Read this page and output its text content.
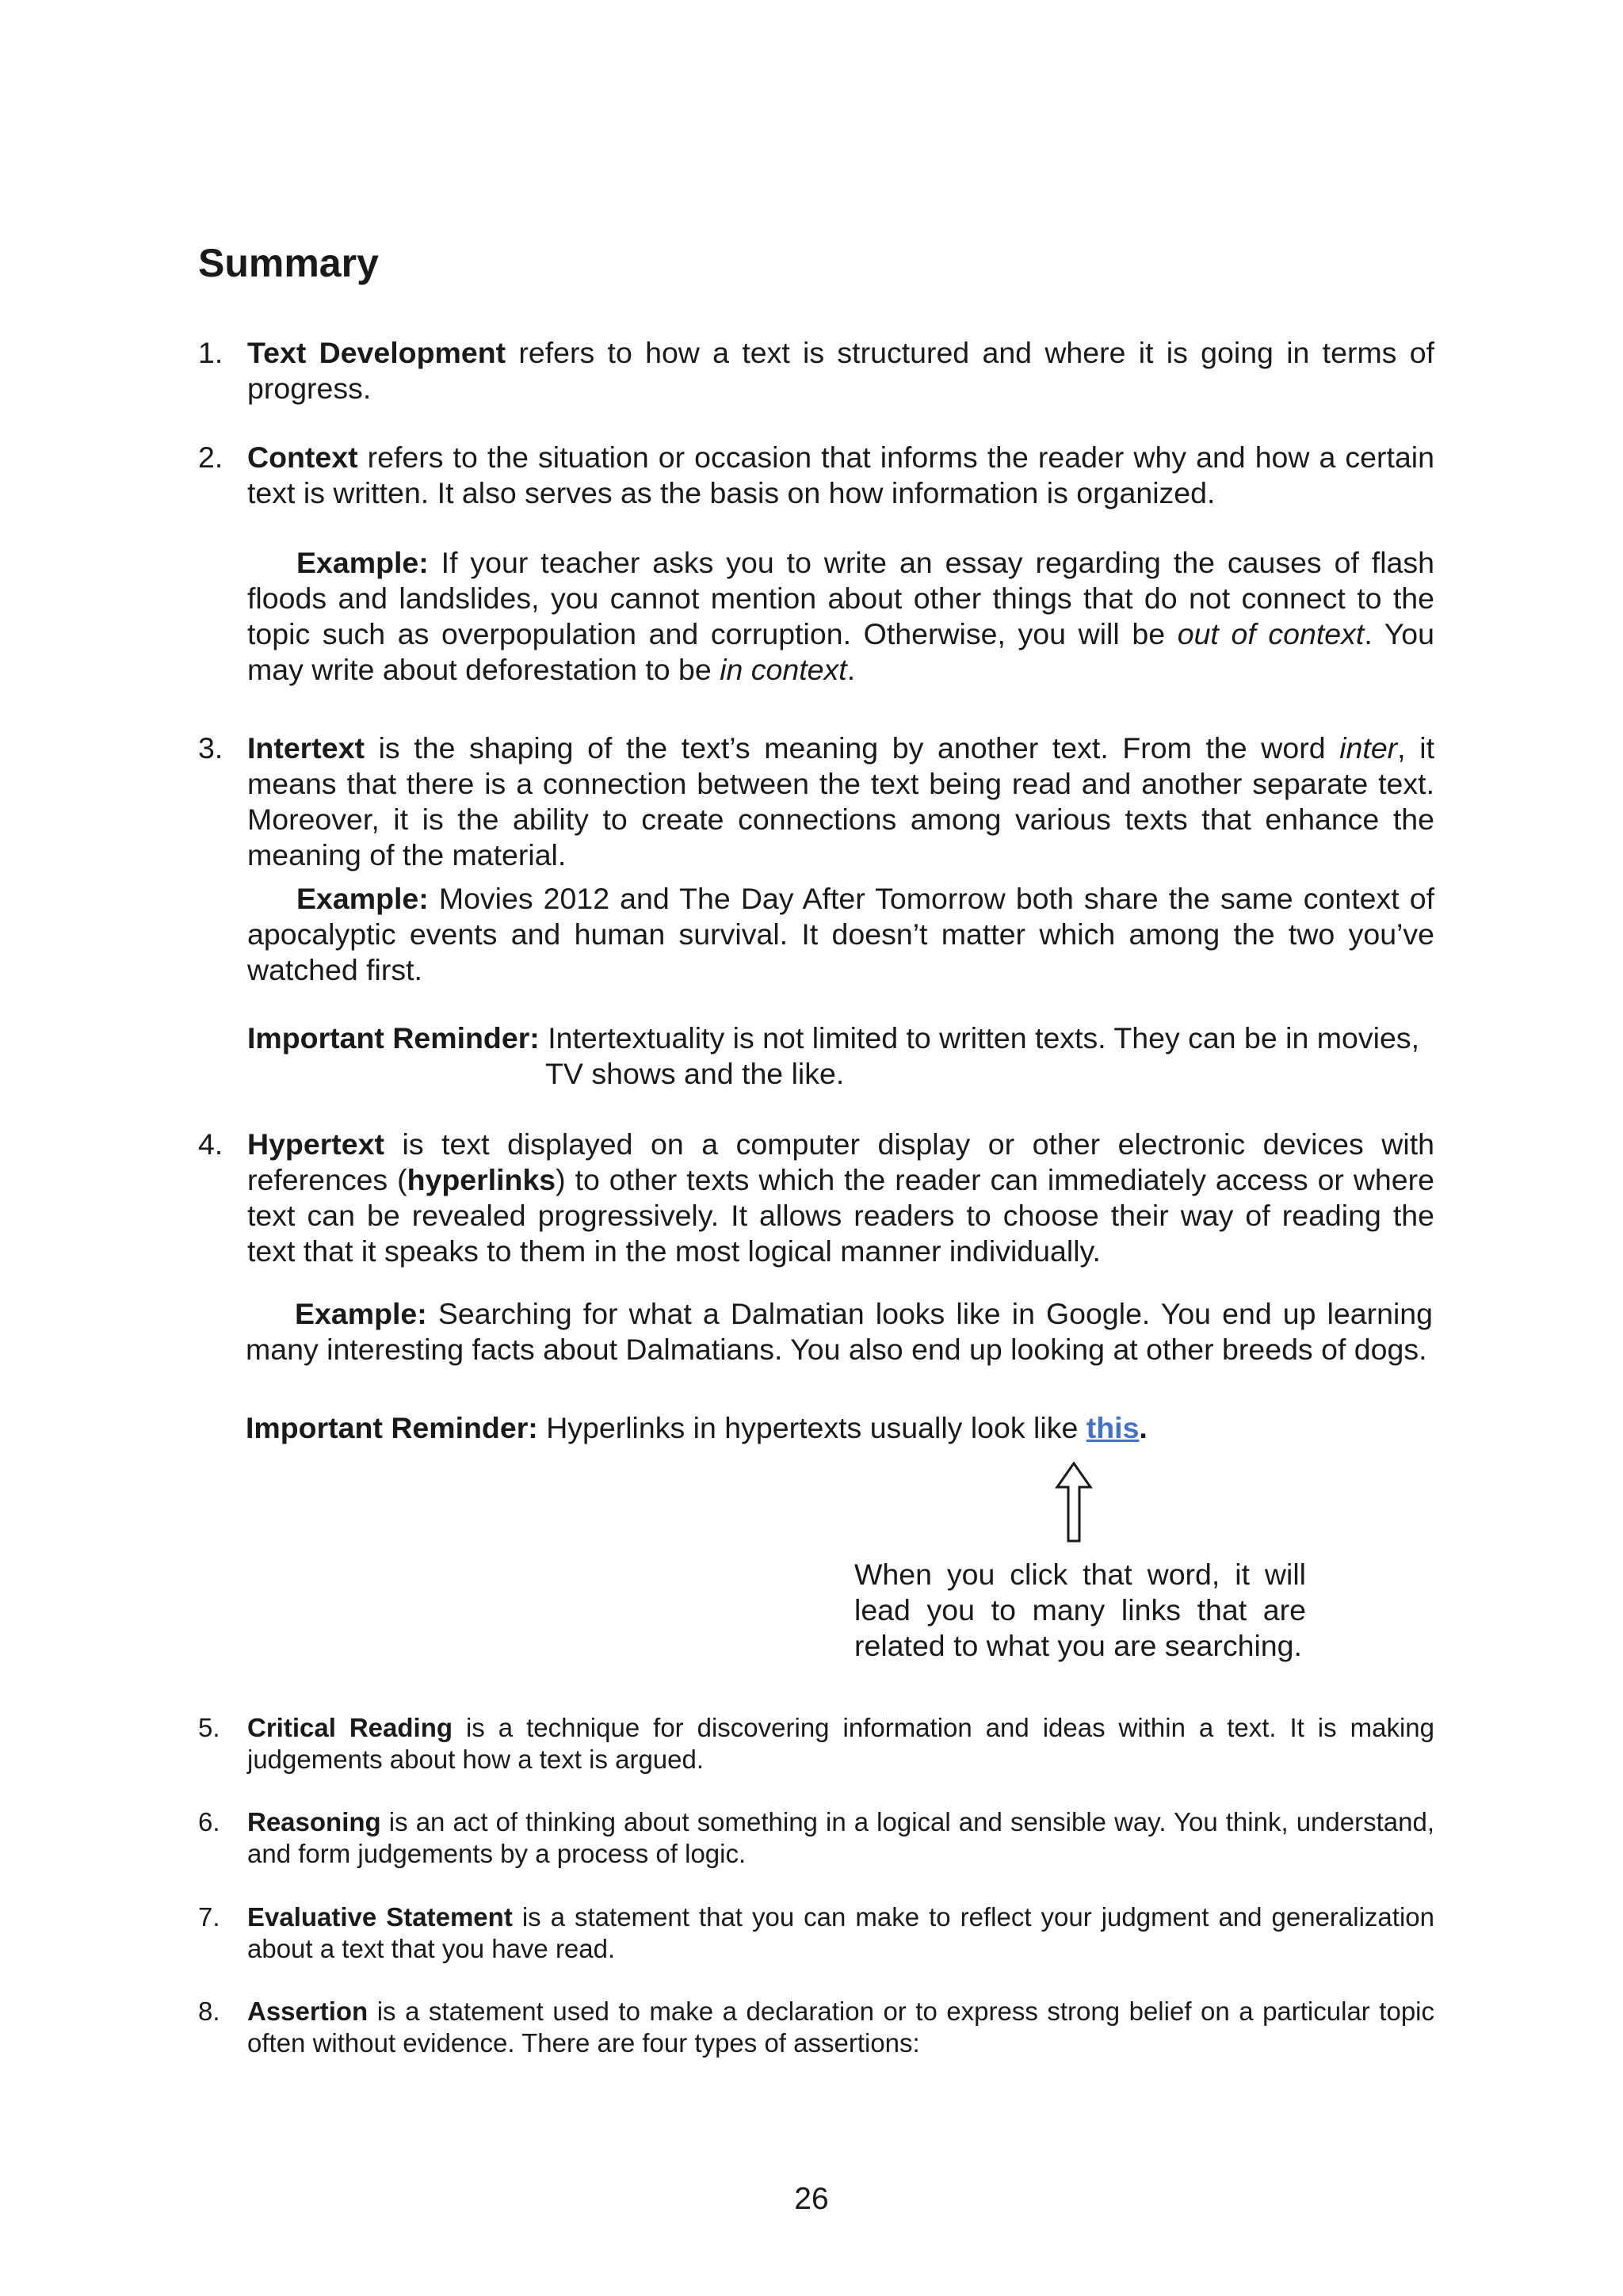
Summary
1. Text Development refers to how a text is structured and where it is going in terms of progress.
2. Context refers to the situation or occasion that informs the reader why and how a certain text is written. It also serves as the basis on how information is organized.
Example: If your teacher asks you to write an essay regarding the causes of flash floods and landslides, you cannot mention about other things that do not connect to the topic such as overpopulation and corruption. Otherwise, you will be out of context. You may write about deforestation to be in context.
3. Intertext is the shaping of the text’s meaning by another text. From the word inter, it means that there is a connection between the text being read and another separate text. Moreover, it is the ability to create connections among various texts that enhance the meaning of the material.
Example: Movies 2012 and The Day After Tomorrow both share the same context of apocalyptic events and human survival. It doesn’t matter which among the two you’ve watched first.
Important Reminder: Intertextuality is not limited to written texts. They can be in movies,
TV shows and the like.
4. Hypertext is text displayed on a computer display or other electronic devices with references (hyperlinks) to other texts which the reader can immediately access or where text can be revealed progressively. It allows readers to choose their way of reading the text that it speaks to them in the most logical manner individually.
Example: Searching for what a Dalmatian looks like in Google. You end up learning many interesting facts about Dalmatians. You also end up looking at other breeds of dogs.
Important Reminder: Hyperlinks in hypertexts usually look like this.
When you click that word, it will lead you to many links that are related to what you are searching.
5. Critical Reading is a technique for discovering information and ideas within a text. It is making judgements about how a text is argued.
6. Reasoning is an act of thinking about something in a logical and sensible way. You think, understand, and form judgements by a process of logic.
7. Evaluative Statement is a statement that you can make to reflect your judgment and generalization about a text that you have read.
8. Assertion is a statement used to make a declaration or to express strong belief on a particular topic often without evidence. There are four types of assertions:
26
